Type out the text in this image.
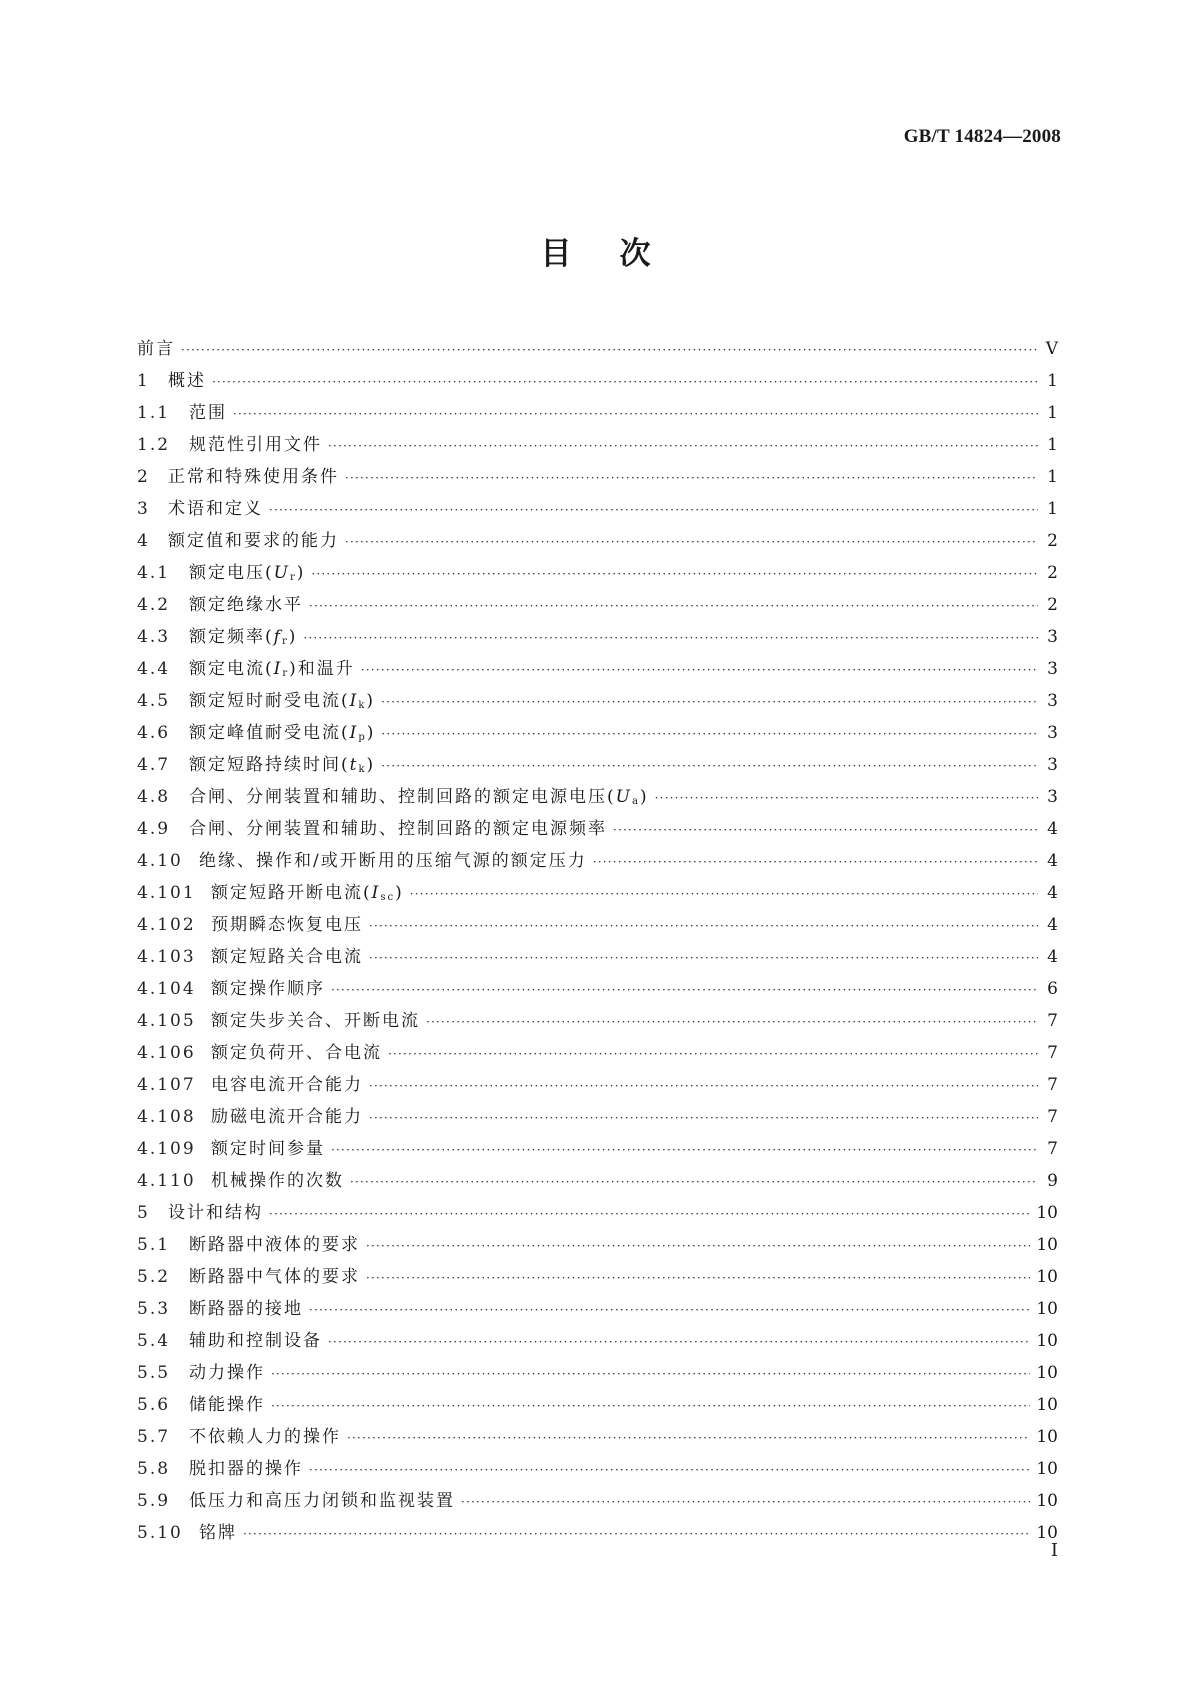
GB/T 14824—2008
目次
前言 ·····	Ⅴ
1	概述 ·····	1
1.1	范围 ·····	1
1.2	规范性引用文件 ·····	1
2	正常和特殊使用条件 ·····	1
3	术语和定义 ·····	1
4	额定值和要求的能力 ·····	2
4.1	额定电压$(U_r)$ ·····	2
4.2	额定绝缘水平 ·····	2
4.3	额定频率$(f_r)$ ·····	3
4.4	额定电流$(I_r)$和温升 ·····	3
4.5	额定短时耐受电流$(I_k)$ ·····	3
4.6	额定峰值耐受电流$(I_p)$ ·····	3
4.7	额定短路持续时间$(t_k)$ ·····	3
4.8	合闸、分闸装置和辅助、控制回路的额定电源电压$(U_a)$ ·····	3
4.9	合闸、分闸装置和辅助、控制回路的额定电源频率 ·····	4
4.10 绝缘、操作和/或开断用的压缩气源的额定压力 ·····	4
4.101 额定短路开断电流$(I_{sc})$ ·····	4
4.102 预期瞬态恢复电压 ·····	4
4.103 额定短路关合电流 ·····	4
4.104 额定操作顺序 ·····	6
4.105 额定失步关合、开断电流 ·····	7
4.106 额定负荷开、合电流 ·····	7
4.107 电容电流开合能力 ·····	7
4.108 励磁电流开合能力 ·····	7
4.109 额定时间参量 ·····	7
4.110 机械操作的次数 ·····	9
5	设计和结构 ·····	10
5.1	断路器中液体的要求 ·····	10
5.2	断路器中气体的要求 ·····	10
5.3	断路器的接地 ·····	10
5.4	辅助和控制设备 ·····	10
5.5	动力操作 ·····	10
5.6	储能操作 ·····	10
5.7	不依赖人力的操作 ·····	10
5.8	脱扣器的操作 ·····	10
5.9	低压力和高压力闭锁和监视装置 ·····	10
5.10 铭牌 ·····	10
Ⅰ
